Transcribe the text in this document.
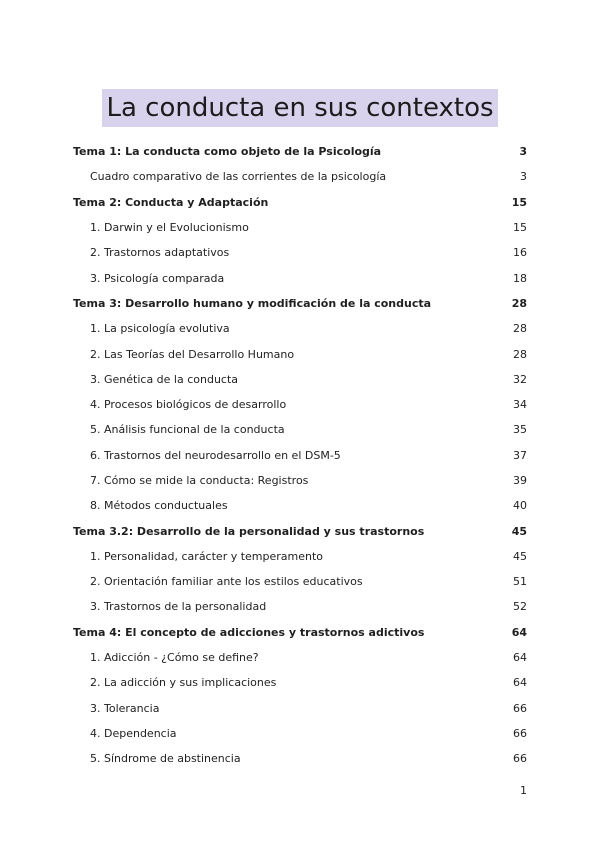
La conducta en sus contextos
Tema 1: La conducta como objeto de la Psicología	3
Cuadro comparativo de las corrientes de la psicología	3
Tema 2: Conducta y Adaptación	15
1. Darwin y el Evolucionismo	15
2. Trastornos adaptativos	16
3. Psicología comparada	18
Tema 3: Desarrollo humano y modificación de la conducta	28
1. La psicología evolutiva	28
2. Las Teorías del Desarrollo Humano	28
3. Genética de la conducta	32
4. Procesos biológicos de desarrollo	34
5. Análisis funcional de la conducta	35
6. Trastornos del neurodesarrollo en el DSM-5	37
7. Cómo se mide la conducta: Registros	39
8. Métodos conductuales	40
Tema 3.2: Desarrollo de la personalidad y sus trastornos	45
1. Personalidad, carácter y temperamento	45
2. Orientación familiar ante los estilos educativos	51
3. Trastornos de la personalidad	52
Tema 4: El concepto de adicciones y trastornos adictivos	64
1. Adicción - ¿Cómo se define?	64
2. La adicción y sus implicaciones	64
3. Tolerancia	66
4. Dependencia	66
5. Síndrome de abstinencia	66
1
